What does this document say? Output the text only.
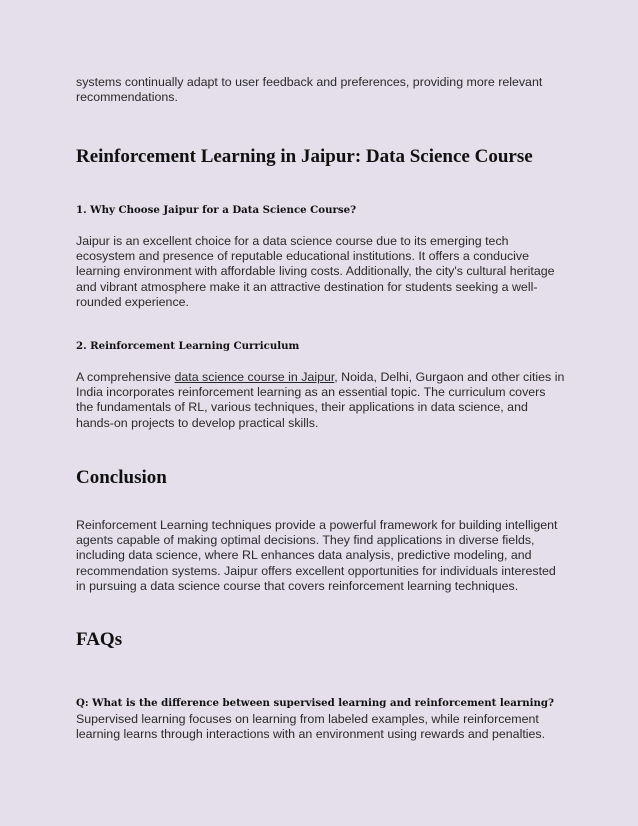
systems continually adapt to user feedback and preferences, providing more relevant recommendations.

Reinforcement Learning in Jaipur: Data Science Course
1. Why Choose Jaipur for a Data Science Course?

Jaipur is an excellent choice for a data science course due to its emerging tech ecosystem and presence of reputable educational institutions. It offers a conducive learning environment with affordable living costs. Additionally, the city's cultural heritage and vibrant atmosphere make it an attractive destination for students seeking a well-rounded experience.

2. Reinforcement Learning Curriculum

A comprehensive data science course in Jaipur, Noida, Delhi, Gurgaon and other cities in India incorporates reinforcement learning as an essential topic. The curriculum covers the fundamentals of RL, various techniques, their applications in data science, and hands-on projects to develop practical skills.

Conclusion

Reinforcement Learning techniques provide a powerful framework for building intelligent agents capable of making optimal decisions. They find applications in diverse fields, including data science, where RL enhances data analysis, predictive modeling, and recommendation systems. Jaipur offers excellent opportunities for individuals interested in pursuing a data science course that covers reinforcement learning techniques.

FAQs
Q: What is the difference between supervised learning and reinforcement learning?

Supervised learning focuses on learning from labeled examples, while reinforcement learning learns through interactions with an environment using rewards and penalties.
